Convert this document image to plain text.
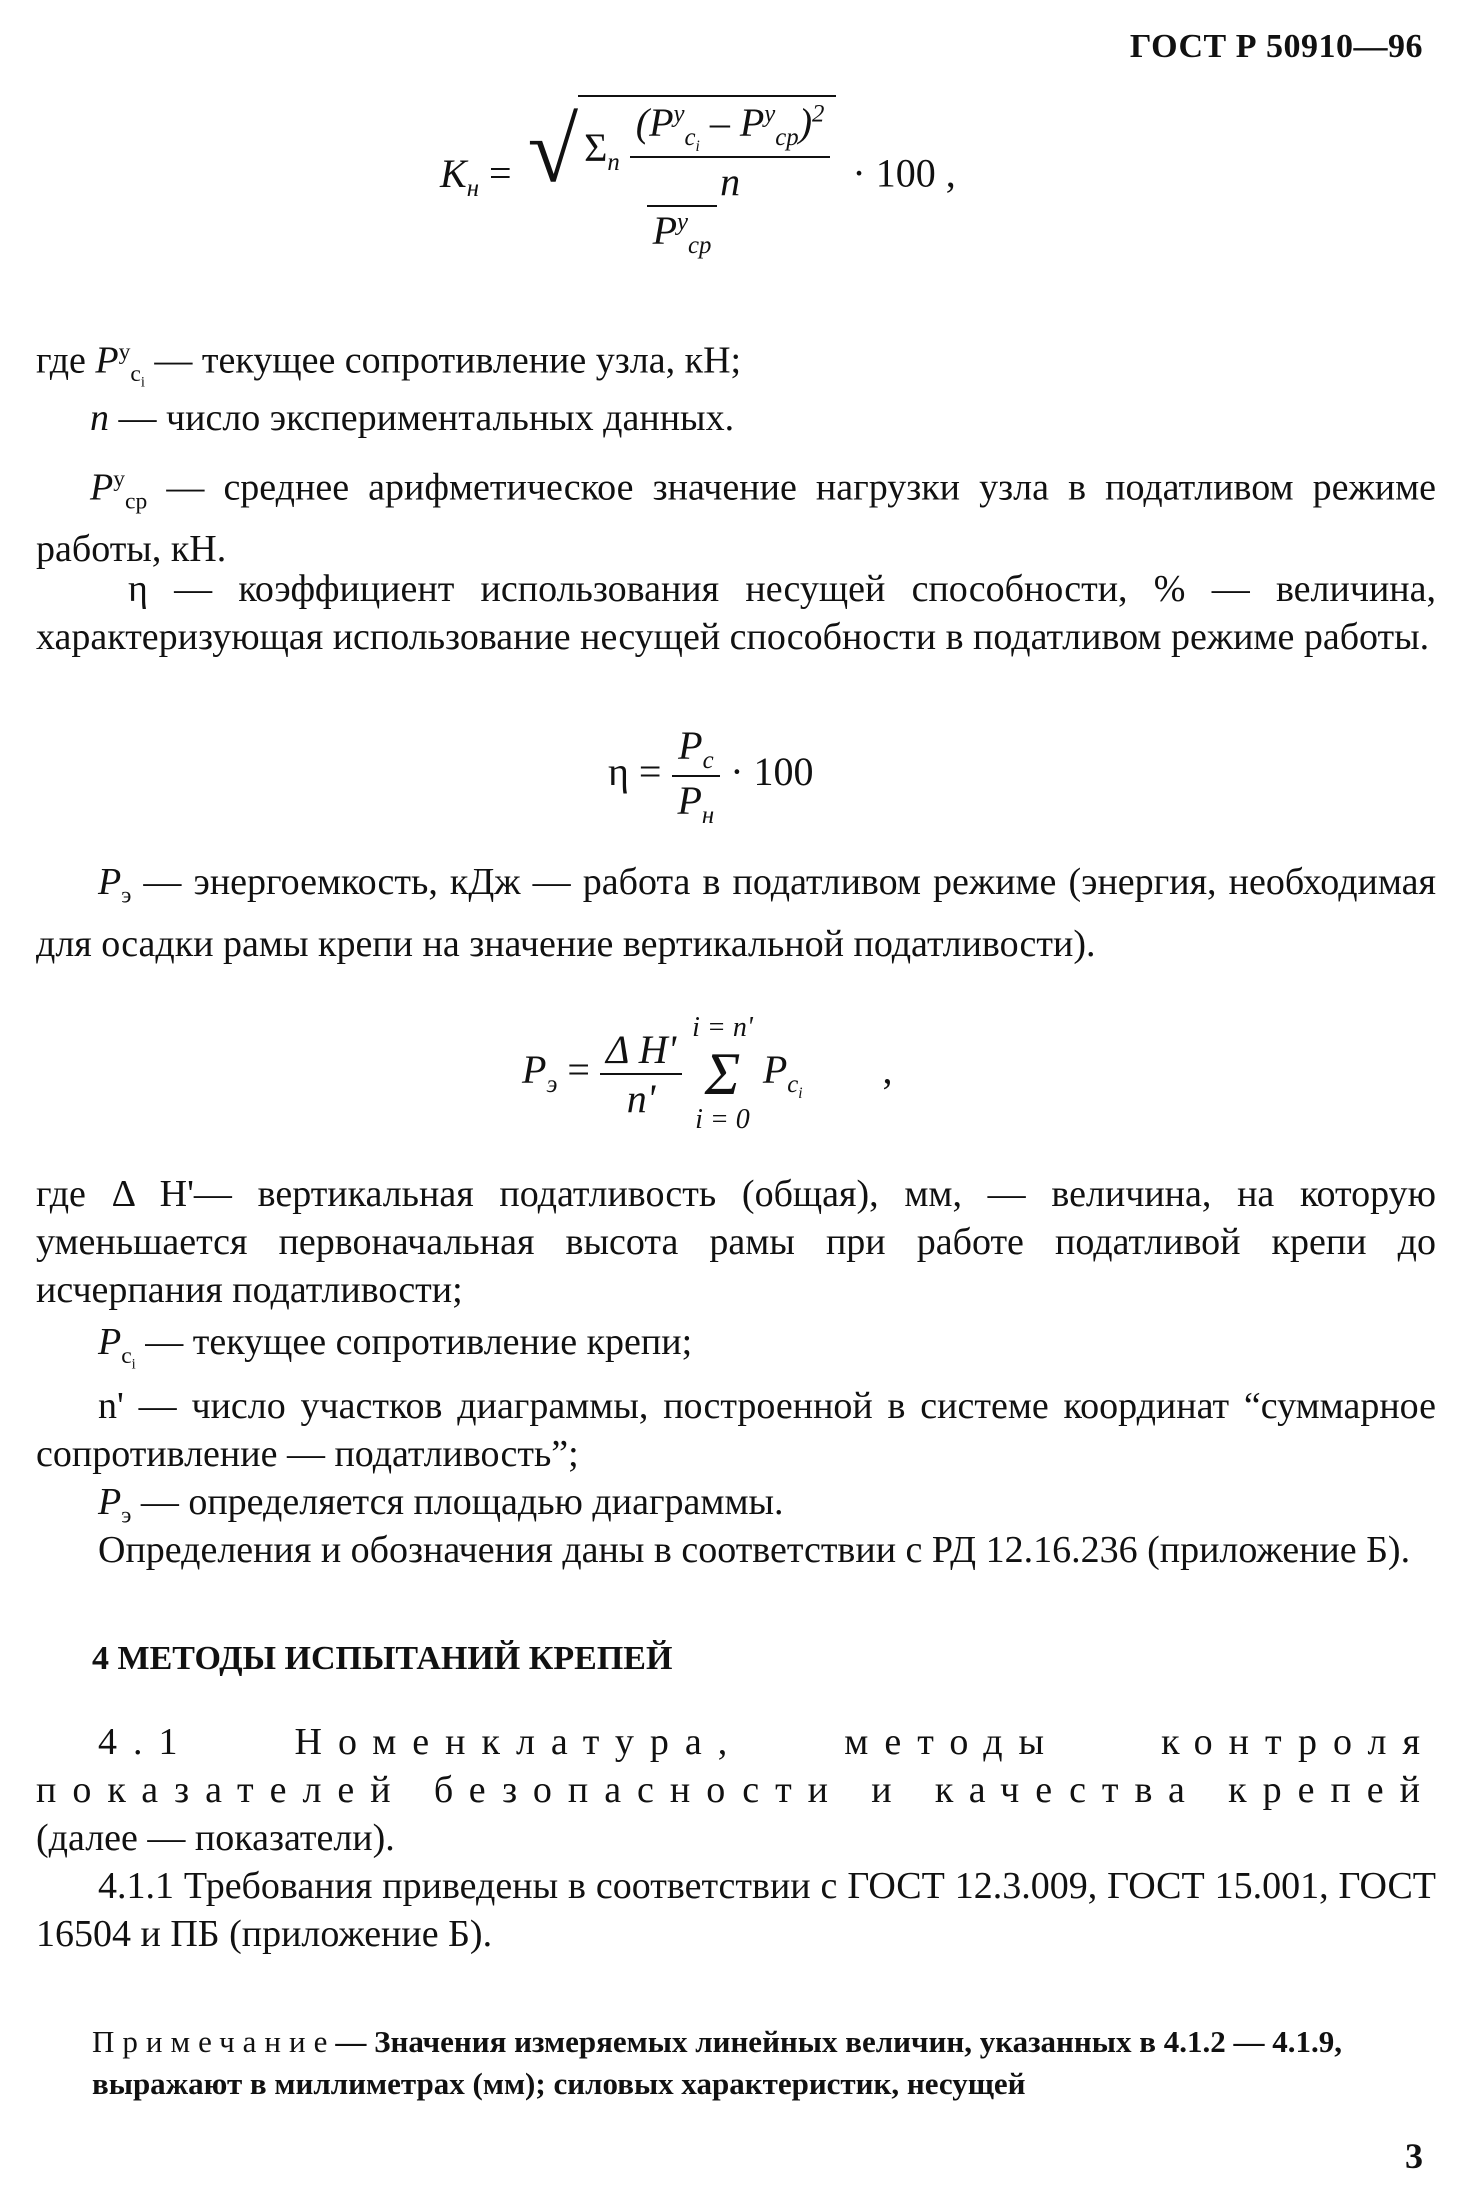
ГОСТ Р 50910—96
$K_н$ = √ $\Sigma_n \frac{(P^у_{c_i} - P^у_{cр})^2}{n}$
$P^у_{cр}$
· 100 ,

где $P^у_{c_i}$ — текущее сопротивление узла, кН;

n — число экспериментальных данных.

$P^у_{cр}$ — среднее арифметическое значение нагрузки узла в податливом режиме работы, кН.

η — коэффициент использования несущей способности, % — величина, характеризующая использование несущей способности в податливом режиме работы.

$\eta = \frac{P_c}{P_н} \cdot 100$

$P_э$ — энергоемкость, кДж — работа в податливом режиме (энергия, необходимая для осадки рамы крепи на значение вертикальной податливости).

$P_э = \frac{\text{Δ H'}}{n'}$
i = n'
Σ
i = 0
$P_{c_i}$ ,

где Δ H'— вертикальная податливость (общая), мм, — величина, на которую уменьшается первоначальная высота рамы при работе податливой крепи до исчерпания податливости;

$P_{c_i}$ — текущее сопротивление крепи;

n' — число участков диаграммы, построенной в системе координат “суммарное сопротивление — податливость”;

$P_э$ — определяется площадью диаграммы.

Определения и обозначения даны в соответствии с РД 12.16.236 (приложение Б).

4 МЕТОДЫ ИСПЫТАНИЙ КРЕПЕЙ

4.1 Номенклатура, методы контроля показателей безопасности и качества крепей (далее — показатели).

4.1.1 Требования приведены в соответствии с ГОСТ 12.3.009, ГОСТ 15.001, ГОСТ 16504 и ПБ (приложение Б).

Примечание— Значения измеряемых линейных величин, указанных в 4.1.2 — 4.1.9, выражают в миллиметрах (мм); силовых характеристик, несущей

3
